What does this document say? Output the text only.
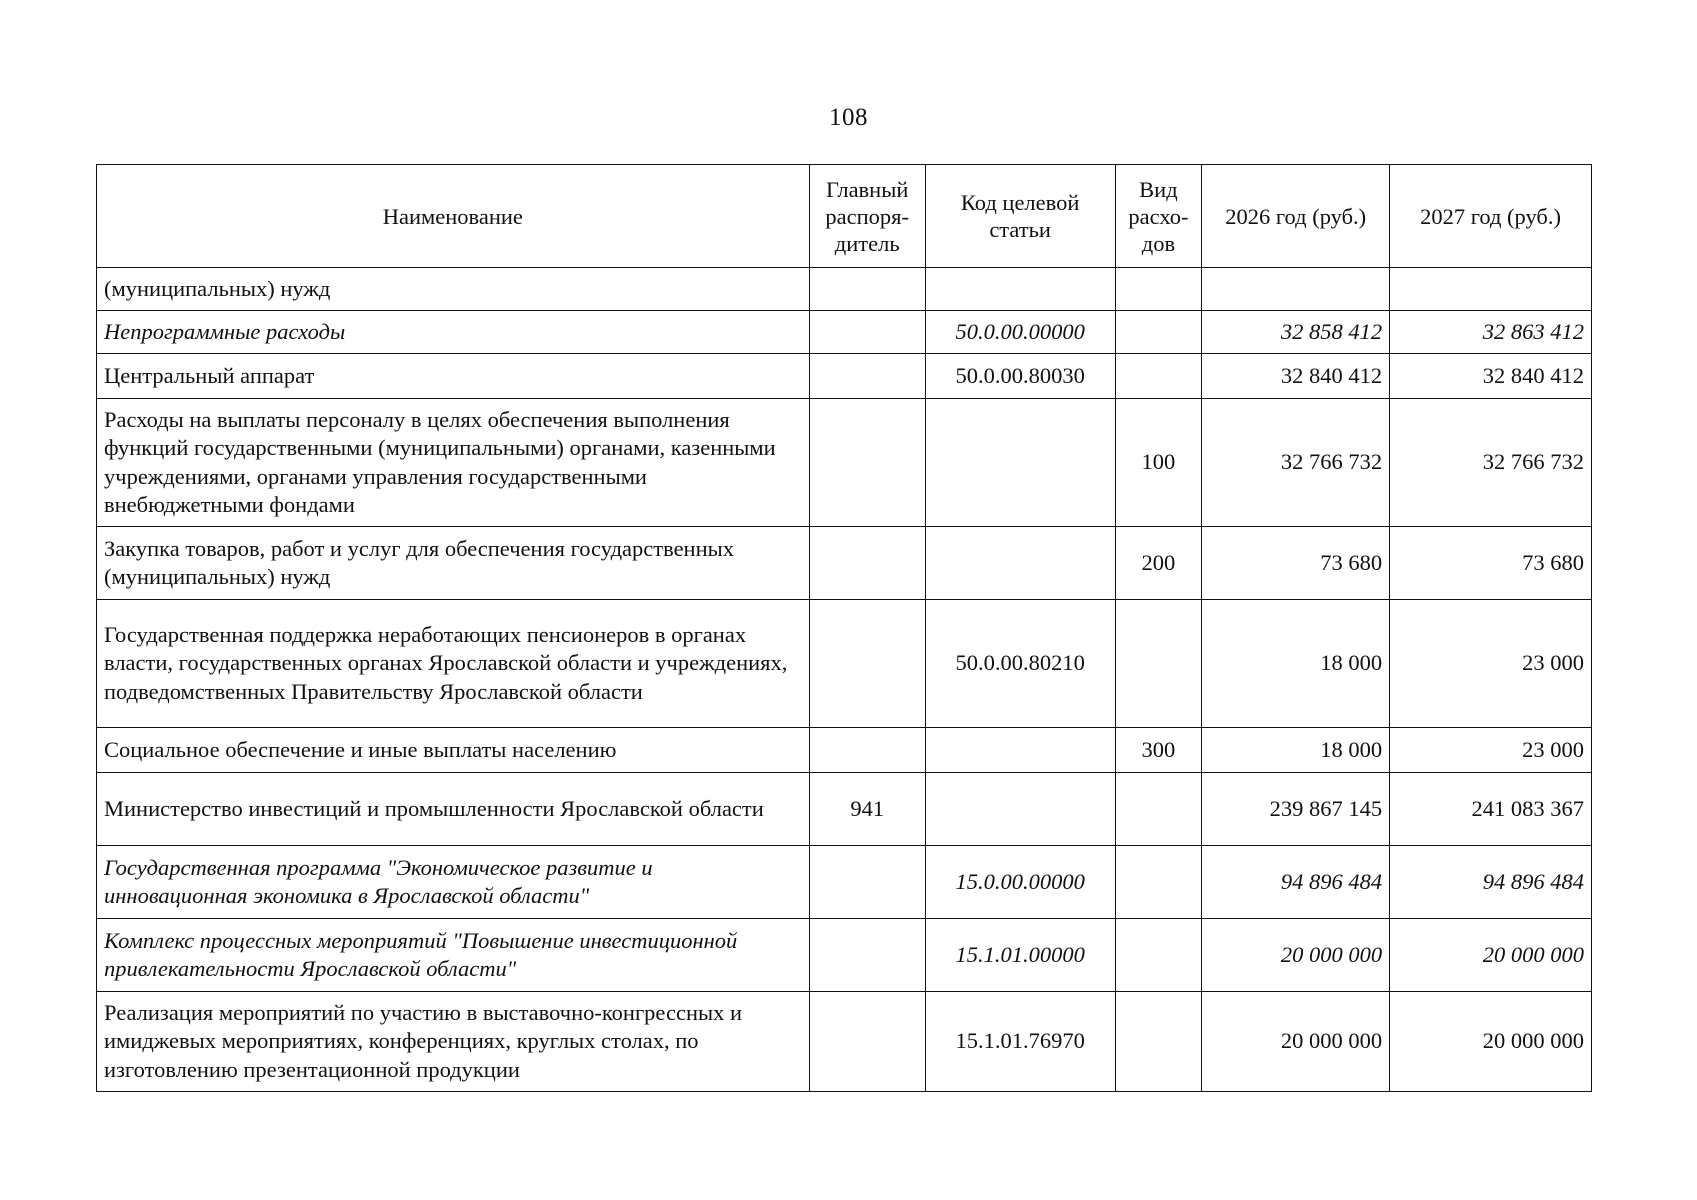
108
Наименование	Главный распоря-дитель	Код целевой статьи	Вид расхо-дов	2026 год (руб.)	2027 год (руб.)
(муниципальных) нужд					
Непрограммные расходы		50.0.00.00000		32 858 412	32 863 412
Центральный аппарат		50.0.00.80030		32 840 412	32 840 412
Расходы на выплаты персоналу в целях обеспечения выполнения функций государственными (муниципальными) органами, казенными учреждениями, органами управления государственными внебюджетными фондами			100	32 766 732	32 766 732
Закупка товаров, работ и услуг для обеспечения государственных (муниципальных) нужд			200	73 680	73 680
Государственная поддержка неработающих пенсионеров в органах власти, государственных органах Ярославской области и учреждениях, подведомственных Правительству Ярославской области		50.0.00.80210		18 000	23 000
Социальное обеспечение и иные выплаты населению			300	18 000	23 000
Министерство инвестиций и промышленности Ярославской области	941			239 867 145	241 083 367
Государственная программа "Экономическое развитие и инновационная экономика в Ярославской области"		15.0.00.00000		94 896 484	94 896 484
Комплекс процессных мероприятий "Повышение инвестиционной привлекательности Ярославской области"		15.1.01.00000		20 000 000	20 000 000
Реализация мероприятий по участию в выставочно-конгрессных и имиджевых мероприятиях, конференциях, круглых столах, по изготовлению презентационной продукции		15.1.01.76970		20 000 000	20 000 000
